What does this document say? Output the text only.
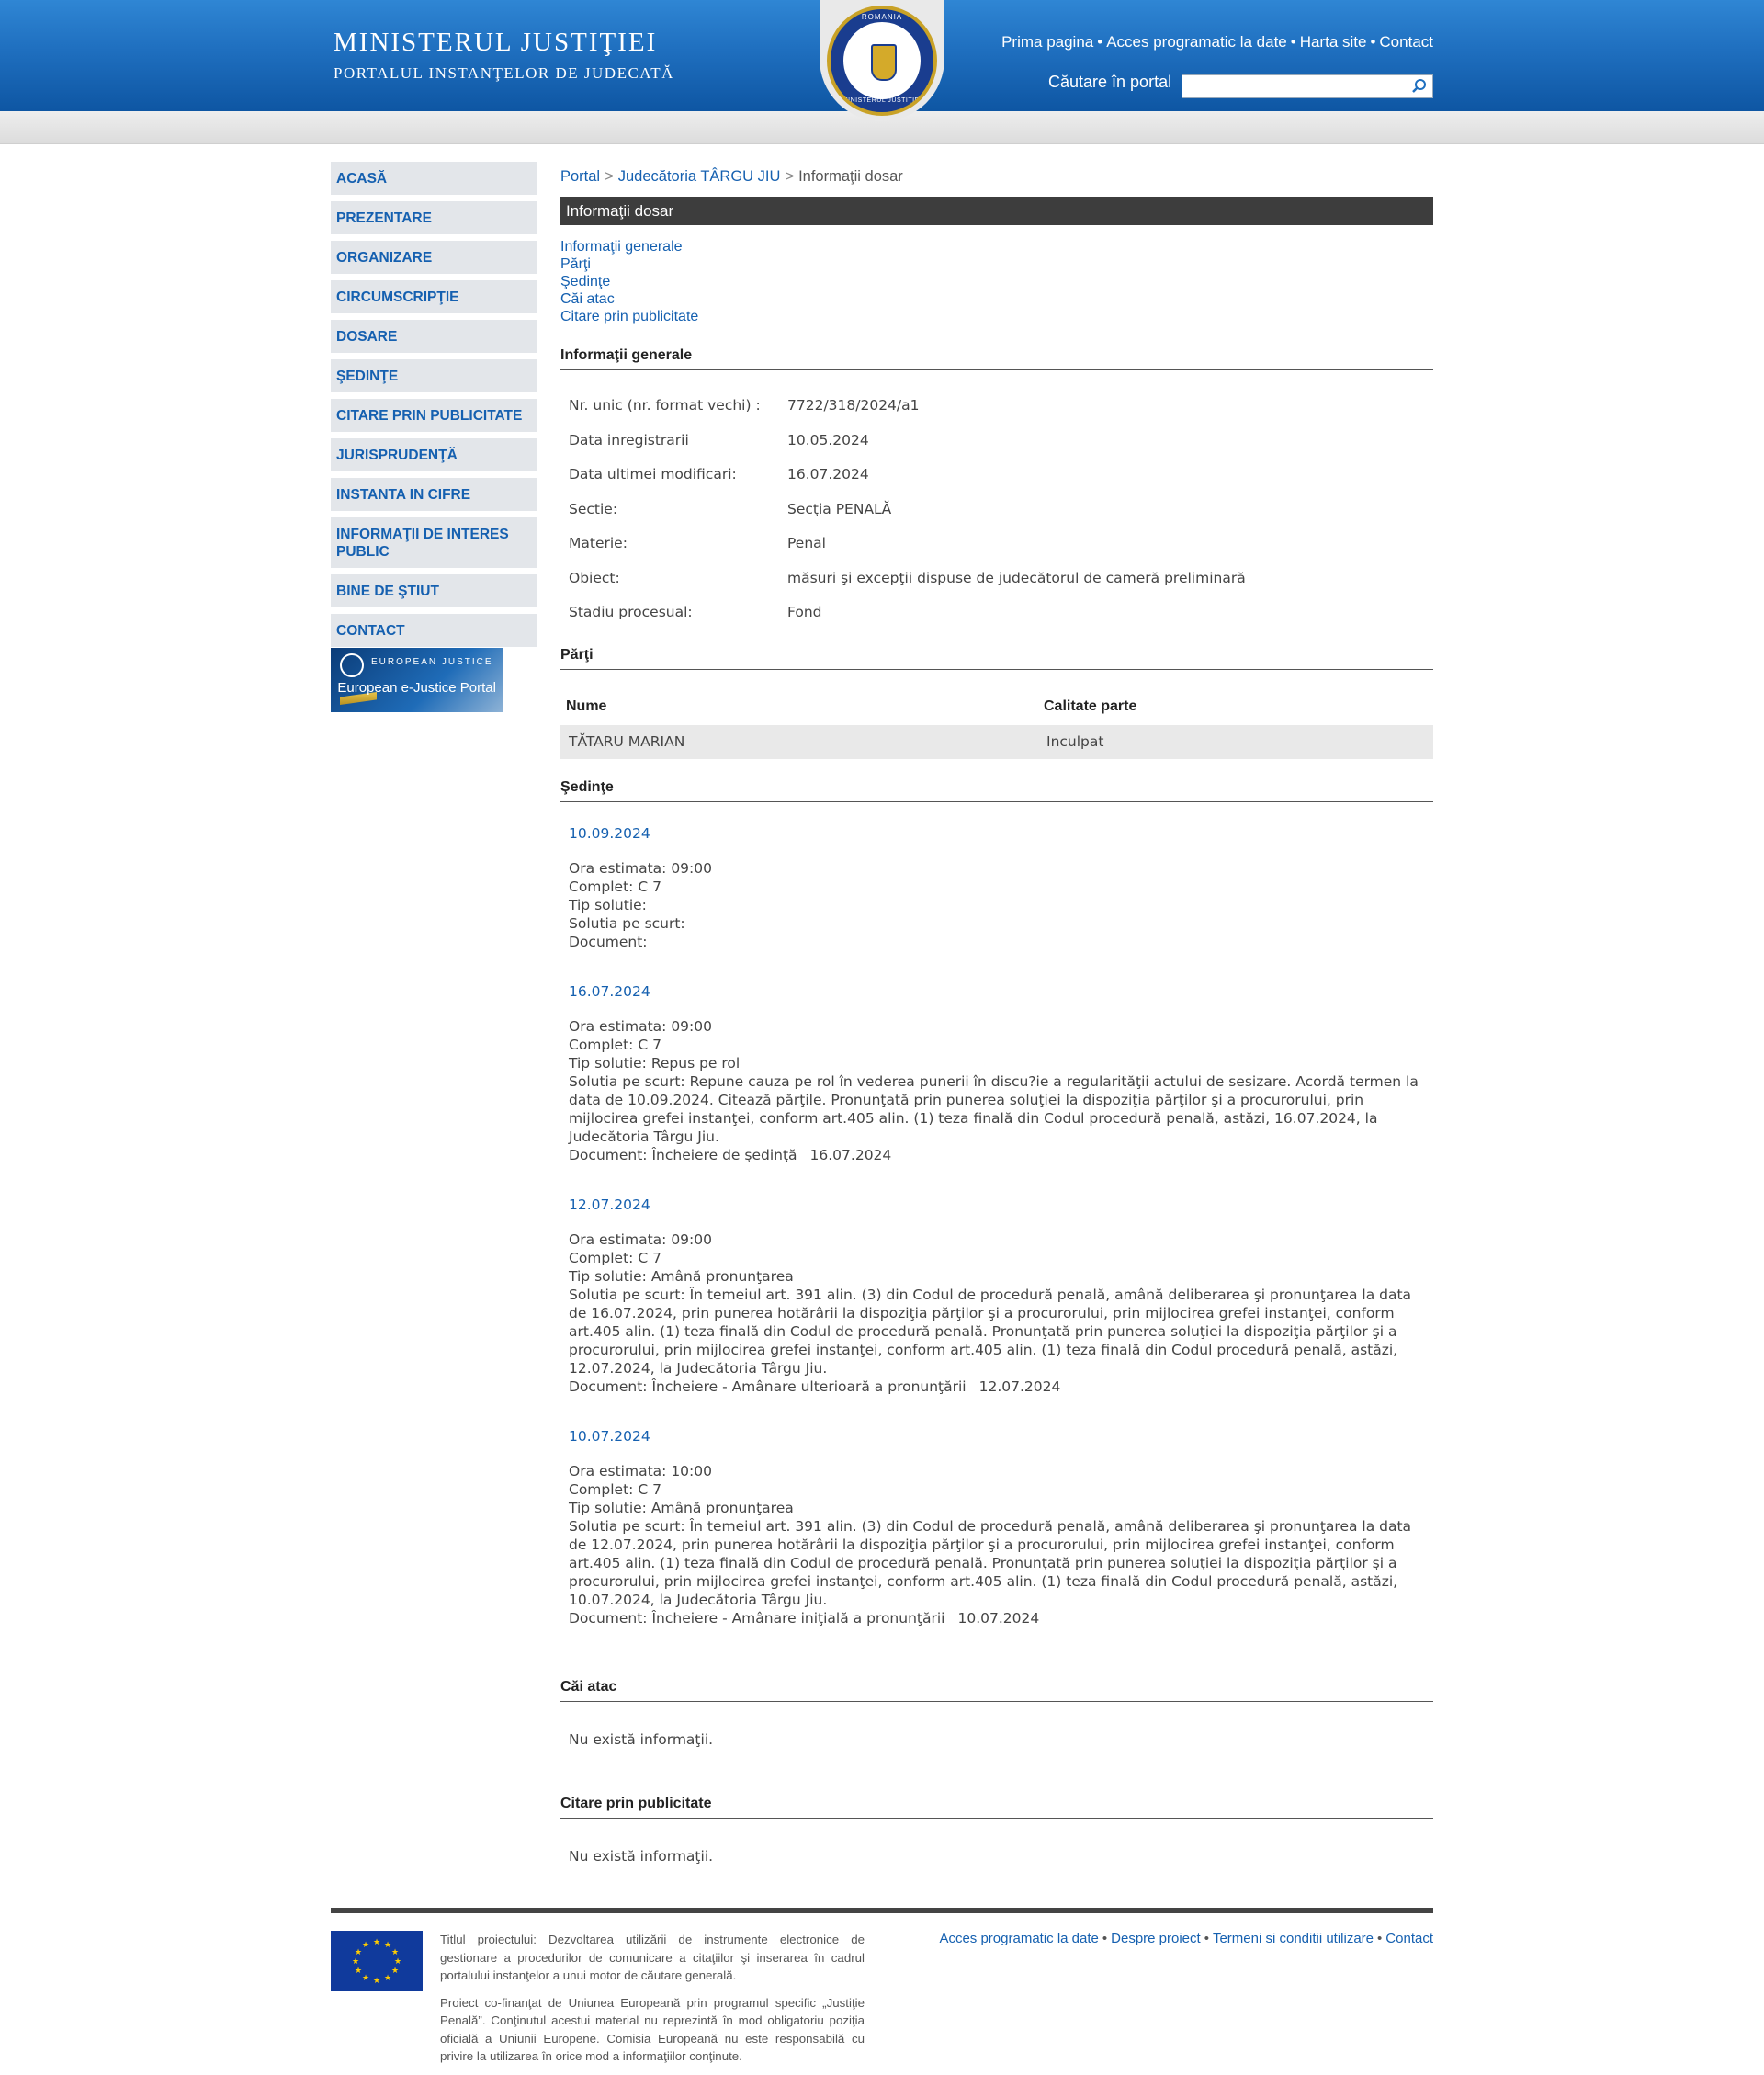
MINISTERUL JUSTIŢIEI
PORTALUL INSTANŢELOR DE JUDECATĂ
Prima pagina • Acces programatic la date • Harta site • Contact
Căutare în portal
ROMANIA
MINISTERUL JUSTIŢIEI
ACASĂ
PREZENTARE
ORGANIZARE
CIRCUMSCRIPŢIE
DOSARE
ŞEDINŢE
CITARE PRIN PUBLICITATE
JURISPRUDENŢĂ
INSTANTA IN CIFRE
INFORMAŢII DE INTERES PUBLIC
BINE DE ŞTIUT
CONTACT
EUROPEAN JUSTICE
European e-Justice Portal
Portal > Judecătoria TÂRGU JIU > Informaţii dosar
Informaţii dosar
Informaţii generale
Părţi
Şedinţe
Căi atac
Citare prin publicitate
Informaţii generale
Nr. unic (nr. format vechi) :	7722/318/2024/a1
Data inregistrarii	10.05.2024
Data ultimei modificari:	16.07.2024
Sectie:	Secţia PENALĂ
Materie:	Penal
Obiect:	măsuri şi excepţii dispuse de judecătorul de cameră preliminară
Stadiu procesual:	Fond
Părţi
Nume	Calitate parte
TĂTARU MARIAN	Inculpat
Şedinţe
10.09.2024
Ora estimata: 09:00
Complet: C 7
Tip solutie:
Solutia pe scurt:
Document:
16.07.2024
Ora estimata: 09:00
Complet: C 7
Tip solutie: Repus pe rol
Solutia pe scurt: Repune cauza pe rol în vederea punerii în discu?ie a regularităţii actului de sesizare. Acordă termen la data de 10.09.2024. Citează părţile. Pronunţată prin punerea soluţiei la dispoziţia părţilor şi a procurorului, prin mijlocirea grefei instanţei, conform art.405 alin. (1) teza finală din Codul procedură penală, astăzi, 16.07.2024, la Judecătoria Târgu Jiu.
Document: Încheiere de şedinţă 16.07.2024
12.07.2024
Ora estimata: 09:00
Complet: C 7
Tip solutie: Amână pronunţarea
Solutia pe scurt: În temeiul art. 391 alin. (3) din Codul de procedură penală, amână deliberarea şi pronunţarea la data de 16.07.2024, prin punerea hotărârii la dispoziţia părţilor şi a procurorului, prin mijlocirea grefei instanţei, conform art.405 alin. (1) teza finală din Codul de procedură penală. Pronunţată prin punerea soluţiei la dispoziţia părţilor şi a procurorului, prin mijlocirea grefei instanţei, conform art.405 alin. (1) teza finală din Codul procedură penală, astăzi, 12.07.2024, la Judecătoria Târgu Jiu.
Document: Încheiere - Amânare ulterioară a pronunţării 12.07.2024
10.07.2024
Ora estimata: 10:00
Complet: C 7
Tip solutie: Amână pronunţarea
Solutia pe scurt: În temeiul art. 391 alin. (3) din Codul de procedură penală, amână deliberarea şi pronunţarea la data de 12.07.2024, prin punerea hotărârii la dispoziţia părţilor şi a procurorului, prin mijlocirea grefei instanţei, conform art.405 alin. (1) teza finală din Codul de procedură penală. Pronunţată prin punerea soluţiei la dispoziţia părţilor şi a procurorului, prin mijlocirea grefei instanţei, conform art.405 alin. (1) teza finală din Codul procedură penală, astăzi, 10.07.2024, la Judecătoria Târgu Jiu.
Document: Încheiere - Amânare iniţială a pronunţării 10.07.2024
Căi atac
Nu există informaţii.
Citare prin publicitate
Nu există informaţii.
★ ★
★
★
★
★
★
★
★
★
★
★	Titlul proiectului: Dezvoltarea utilizării de instrumente electronice de gestionare a procedurilor de comunicare a citaţiilor şi inserarea în cadrul portalului instanţelor a unui motor de căutare generală.

Proiect co-finanţat de Uniunea Europeană prin programul specific „Justiţie Penală”. Conţinutul acestui material nu reprezintă în mod obligatoriu poziţia oficială a Uniunii Europene. Comisia Europeană nu este responsabilă cu privire la utilizarea în orice mod a informaţiilor conţinute.

Acces programatic la date • Despre proiect • Termeni si conditii utilizare • Contact
